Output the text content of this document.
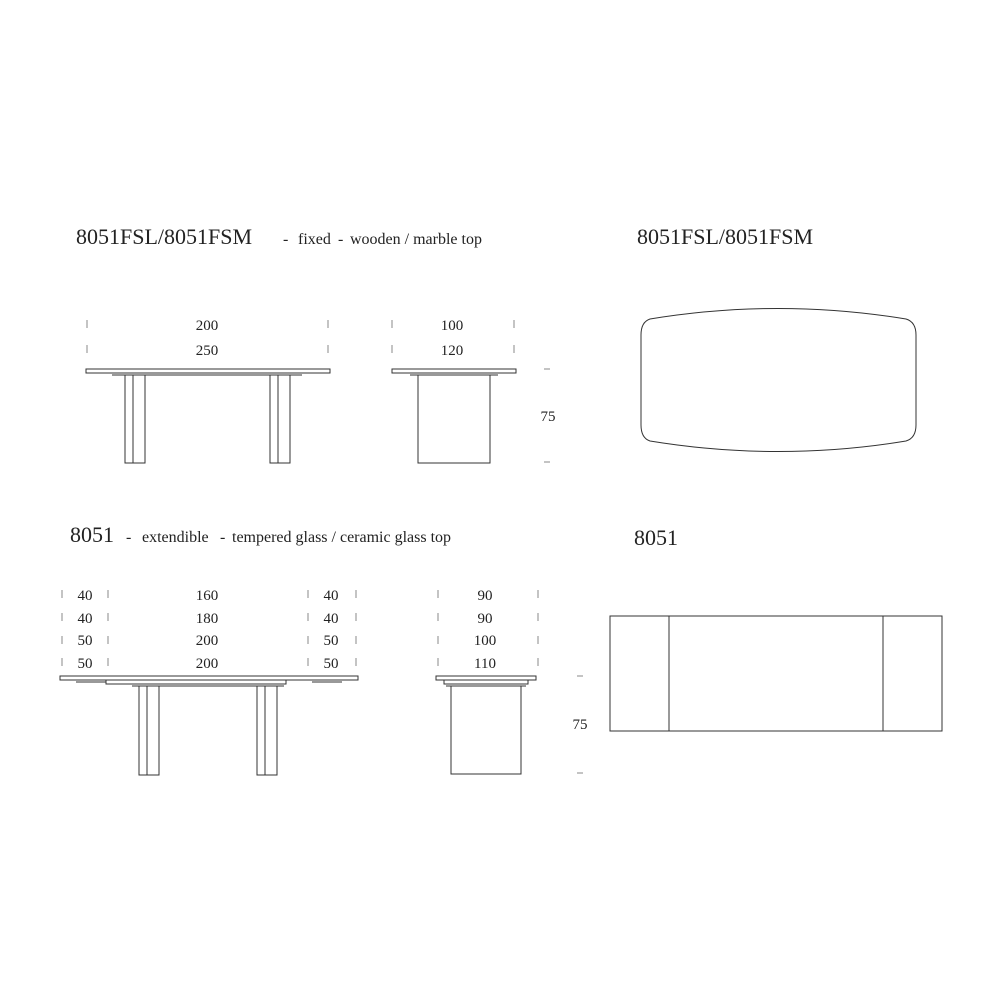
8051FSL/8051FSM - fixed - wooden / marble top	8051FSL/8051FSM
200
250
100
120
75
8051 - extendible - tempered glass / ceramic glass top	8051
40
40
50
50
160
180
200
200
40
40
50
50
90
90
100
110
75
